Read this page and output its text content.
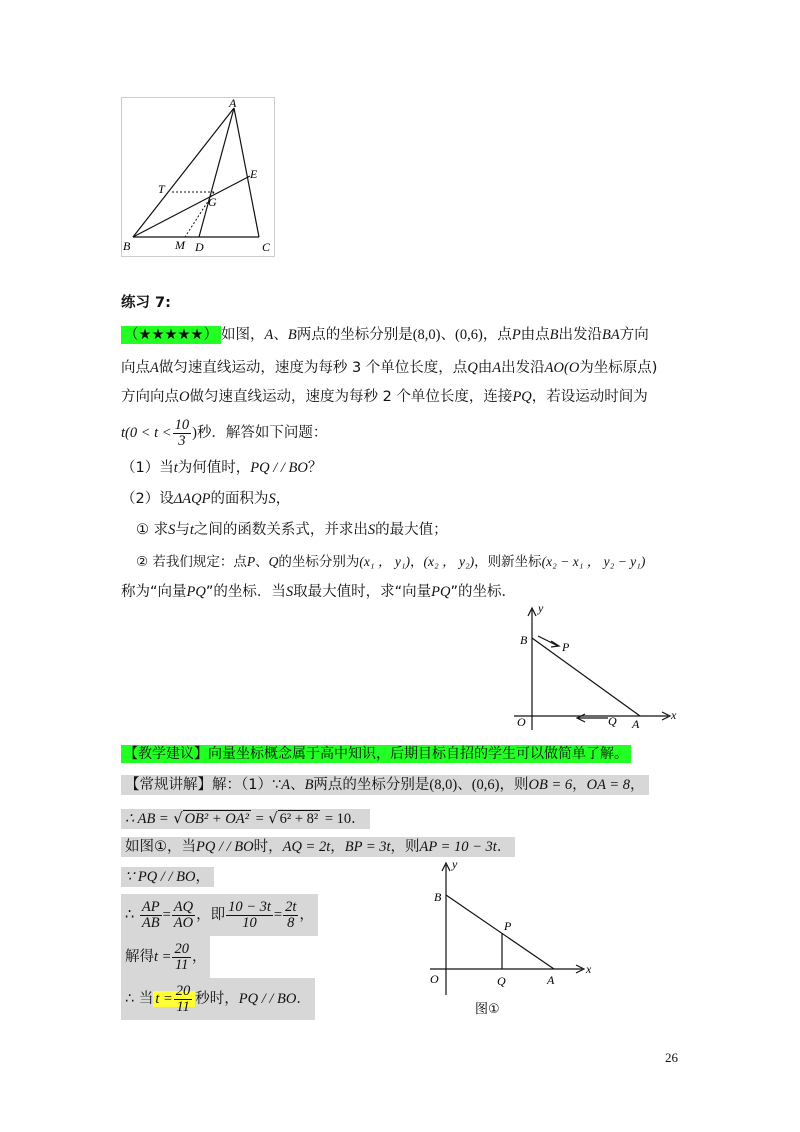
A
E
T
G
B	M D	C
练习 7:
（★★★★★） 如图，A、B两点的坐标分别是(8,0)、(0,6)，点P由点B出发沿BA方向
向点A做匀速直线运动，速度为每秒 3 个单位长度，点Q由A出发沿AO(O为坐标原点)
方向向点O做匀速直线运动，速度为每秒 2 个单位长度，连接PQ，若设运动时间为
$t(0 < t < \frac{10}{3}$ )秒．解答如下问题：
（1）当t为何值时，PQ / / BO？
（2）设ΔAQP的面积为S，
① 求S与t之间的函数关系式，并求出S的最大值；
② 若我们规定：点P、Q的坐标分别为(x₁ ， y₁)，(x₂ ， y₂)，则新坐标(x₂ − x₁ ， y₂ − y₁)
称为“向量PQ”的坐标．当S取最大值时，求“向量PQ”的坐标．
y
x
B	P
O	Q A
【教学建议】向量坐标概念属于高中知识，后期目标自招的学生可以做简单了解。
【常规讲解】解：（1）∵A、B两点的坐标分别是(8,0)、(0,6)，则OB = 6，OA = 8，
∴ AB = √ OB² + OA² = √ 6² + 8² = 10．
如图①，当PQ / / BO时，AQ = 2t，BP = 3t，则AP = 10 − 3t．
∵ PQ / / BO，
∴ $\frac{AP}{AB} = \frac{AQ}{AO}$ ，即 $\frac{10 - 3t}{10} = \frac{2t}{8}$ ，
解得$t = \frac{20}{11}$ ，
∴ 当 $t = \frac{20}{11}$ 秒时，PQ / / BO．
y
x
B
P
O	Q	A
图①
26
